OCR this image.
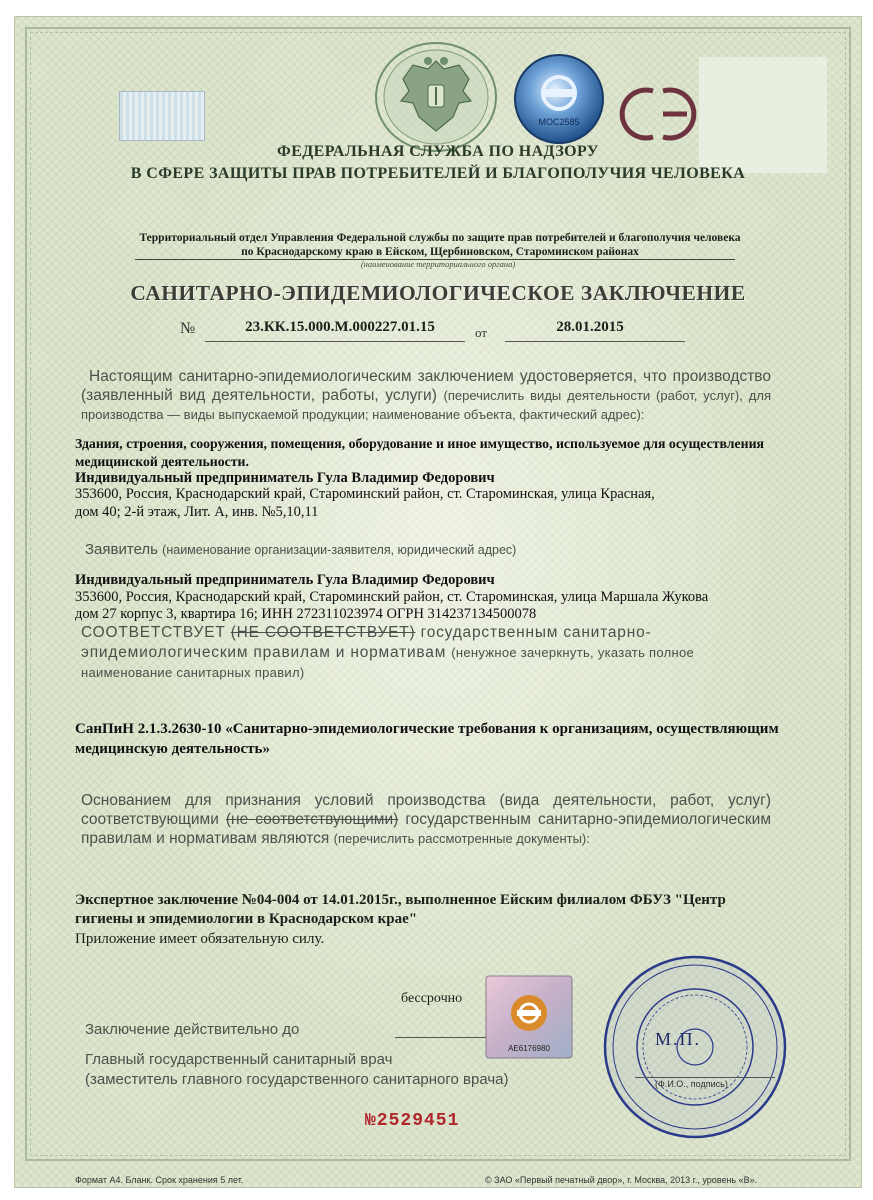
MOC2585
ФЕДЕРАЛЬНАЯ СЛУЖБА ПО НАДЗОРУ
В СФЕРЕ ЗАЩИТЫ ПРАВ ПОТРЕБИТЕЛЕЙ И БЛАГОПОЛУЧИЯ ЧЕЛОВЕКА
Территориальный отдел Управления Федеральной службы по защите прав потребителей и благополучия человека
по Краснодарскому краю в Ейском, Щербиновском, Староминском районах
(наименование территориального органа)
САНИТАРНО-ЭПИДЕМИОЛОГИЧЕСКОЕ ЗАКЛЮЧЕНИЕ
№	23.КК.15.000.М.000227.01.15	от	28.01.2015
Настоящим санитарно-эпидемиологическим заключением удостоверяется, что производство (заявленный вид деятельности, работы, услуги) (перечислить виды деятельности (работ, услуг), для производства — виды выпускаемой продукции; наименование объекта, фактический адрес):
Здания, строения, сооружения, помещения, оборудование и иное имущество, используемое для осуществления медицинской деятельности.
Индивидуальный предприниматель Гула Владимир Федорович
353600, Россия, Краснодарский край, Староминский район, ст. Староминская, улица Красная,
дом 40; 2-й этаж, Лит. А, инв. №5,10,11
Заявитель (наименование организации-заявителя, юридический адрес)
Индивидуальный предприниматель Гула Владимир Федорович
353600, Россия, Краснодарский край, Староминский район, ст. Староминская, улица Маршала Жукова
дом 27 корпус 3, квартира 16; ИНН 272311023974 ОГРН 314237134500078
СООТВЕТСТВУЕТ (НЕ СООТВЕТСТВУЕТ) государственным санитарно-эпидемиологическим правилам и нормативам (ненужное зачеркнуть, указать полное наименование санитарных правил)
СанПиН 2.1.3.2630-10 «Санитарно-эпидемиологические требования к организациям, осуществляющим медицинскую деятельность»
Основанием для признания условий производства (вида деятельности, работ, услуг) соответствующими (не соответствующими) государственным санитарно-эпидемиологическим правилам и нормативам являются (перечислить рассмотренные документы):
Экспертное заключение №04-004 от 14.01.2015г., выполненное Ейским филиалом ФБУЗ "Центр гигиены и эпидемиологии в Краснодарском крае"
Приложение имеет обязательную силу.
бессрочно
Заключение действительно до
Главный государственный санитарный врач
(заместитель главного государственного санитарного врача)
АЕ6176980	М.П.
(Ф.И.О., подпись)
№2529451
Формат А4. Бланк. Срок хранения 5 лет.	© ЗАО «Первый печатный двор», г. Москва, 2013 г., уровень «В».
